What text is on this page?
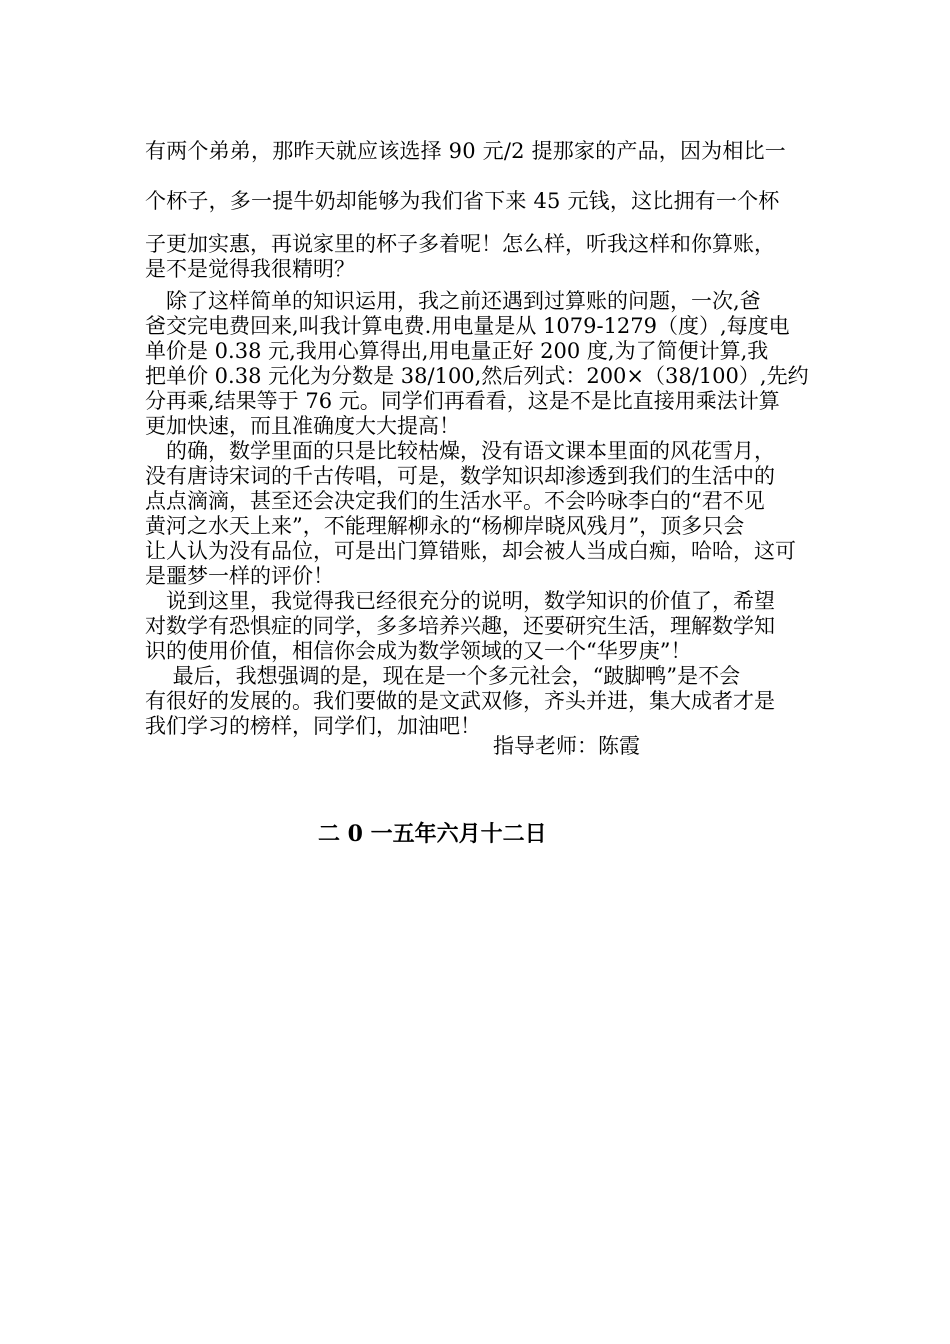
有两个弟弟，那昨天就应该选择 90 元/2 提那家的产品，因为相比一
个杯子，多一提牛奶却能够为我们省下来 45 元钱，这比拥有一个杯

子更加实惠，再说家里的杯子多着呢！怎么样，听我这样和你算账，

是不是觉得我很精明？

　除了这样简单的知识运用，我之前还遇到过算账的问题，一次,爸
爸交完电费回来,叫我计算电费.用电量是从 1079-1279（度）,每度电
单价是 0.38 元,我用心算得出,用电量正好 200 度,为了简便计算,我
把单价 0.38 元化为分数是 38/100,然后列式：200×（38/100）,先约
分再乘,结果等于 76 元。同学们再看看，这是不是比直接用乘法计算
更加快速，而且准确度大大提高！

　的确，数学里面的只是比较枯燥，没有语文课本里面的风花雪月，
没有唐诗宋词的千古传唱，可是，数学知识却渗透到我们的生活中的
点点滴滴，甚至还会决定我们的生活水平。不会吟咏李白的“君不见
黄河之水天上来”，不能理解柳永的“杨柳岸晓风残月”，顶多只会
让人认为没有品位，可是出门算错账，却会被人当成白痴，哈哈，这可
是噩梦一样的评价！

　说到这里，我觉得我已经很充分的说明，数学知识的价值了，希望
对数学有恐惧症的同学，多多培养兴趣，还要研究生活，理解数学知
识的使用价值，相信你会成为数学领域的又一个“华罗庚”！

　 最后，我想强调的是，现在是一个多元社会，“跛脚鸭”是不会
有很好的发展的。我们要做的是文武双修，齐头并进，集大成者才是
我们学习的榜样，同学们，加油吧！

指导老师：陈霞
二 0 一五年六月十二日
